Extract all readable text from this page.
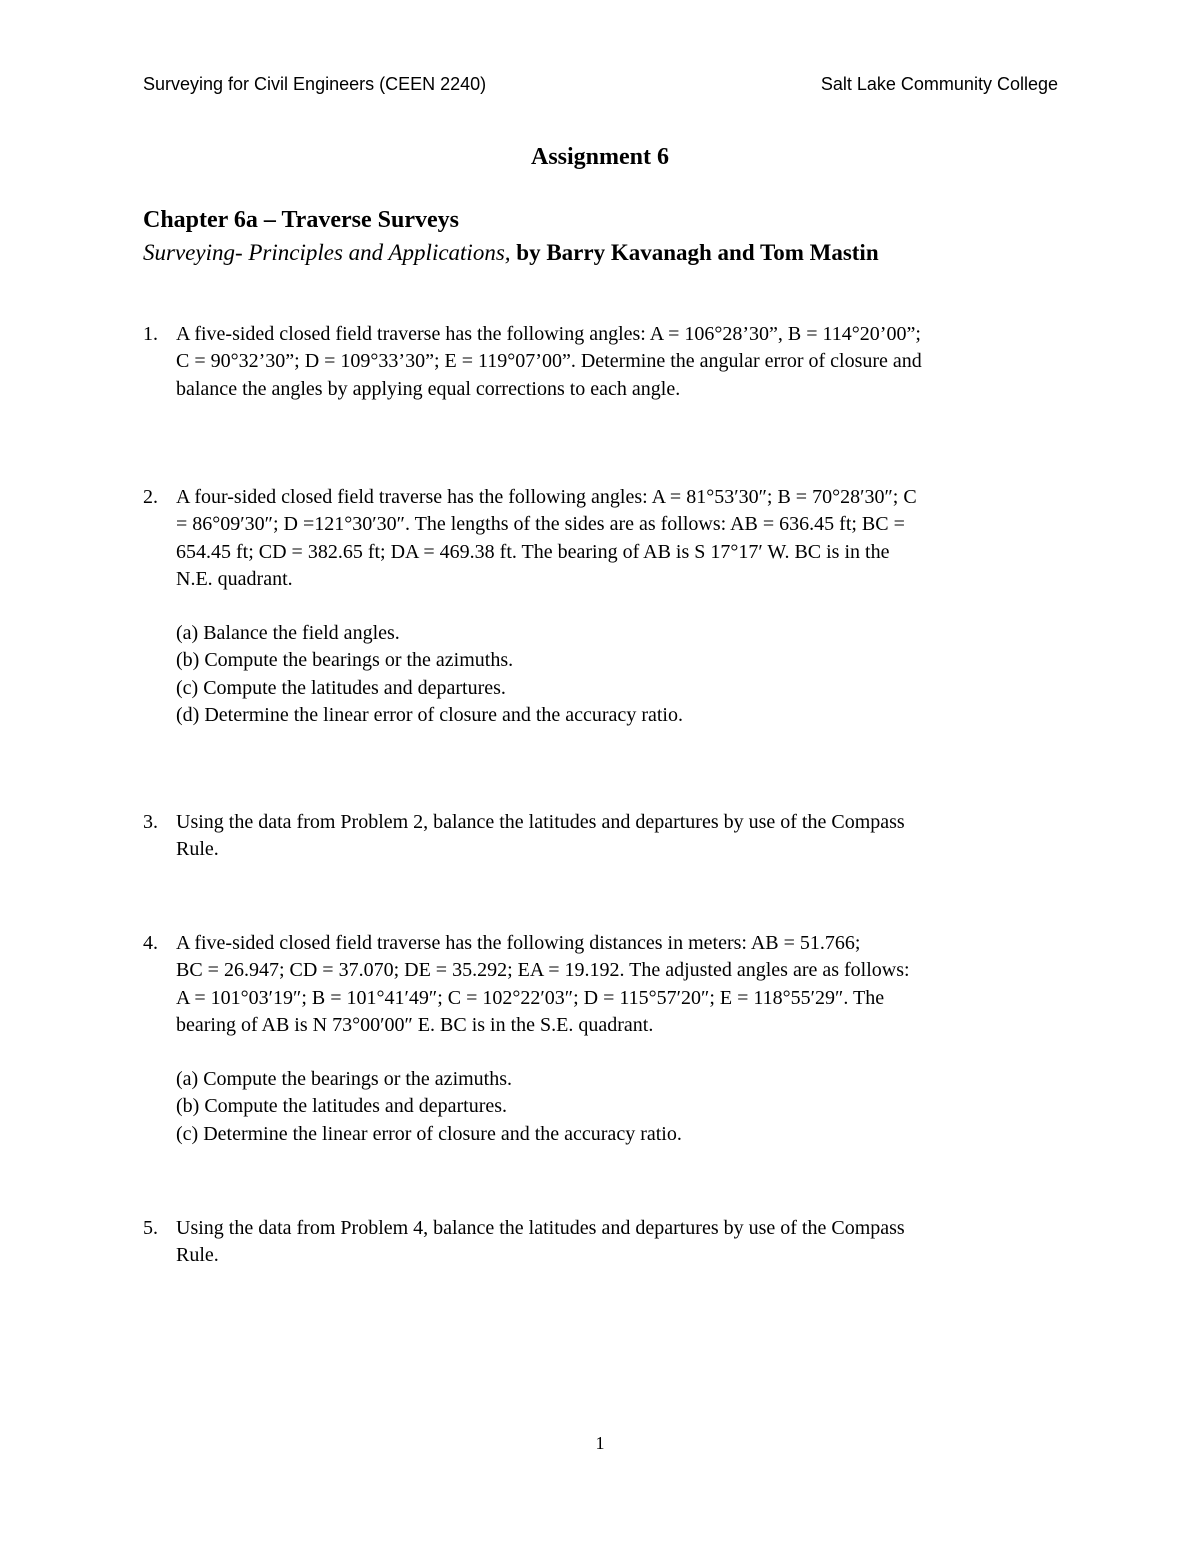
Surveying for Civil Engineers (CEEN 2240)	Salt Lake Community College
Assignment 6
Chapter 6a – Traverse Surveys
Surveying- Principles and Applications, by Barry Kavanagh and Tom Mastin
1. A five-sided closed field traverse has the following angles: A = 106°28’30”, B = 114°20’00”;
C = 90°32’30”; D = 109°33’30”; E = 119°07’00”. Determine the angular error of closure and
balance the angles by applying equal corrections to each angle.
2. A four-sided closed field traverse has the following angles: A = 81°53′30″; B = 70°28′30″; C
= 86°09′30″; D =121°30′30″. The lengths of the sides are as follows: AB = 636.45 ft; BC =
654.45 ft; CD = 382.65 ft; DA = 469.38 ft. The bearing of AB is S 17°17′ W. BC is in the
N.E. quadrant.
(a) Balance the field angles.
(b) Compute the bearings or the azimuths.
(c) Compute the latitudes and departures.
(d) Determine the linear error of closure and the accuracy ratio.
3. Using the data from Problem 2, balance the latitudes and departures by use of the Compass
Rule.
4. A five-sided closed field traverse has the following distances in meters: AB = 51.766;
BC = 26.947; CD = 37.070; DE = 35.292; EA = 19.192. The adjusted angles are as follows:
A = 101°03′19″; B = 101°41′49″; C = 102°22′03″; D = 115°57′20″; E = 118°55′29″. The
bearing of AB is N 73°00′00″ E. BC is in the S.E. quadrant.
(a) Compute the bearings or the azimuths.
(b) Compute the latitudes and departures.
(c) Determine the linear error of closure and the accuracy ratio.
5. Using the data from Problem 4, balance the latitudes and departures by use of the Compass
Rule.
1
